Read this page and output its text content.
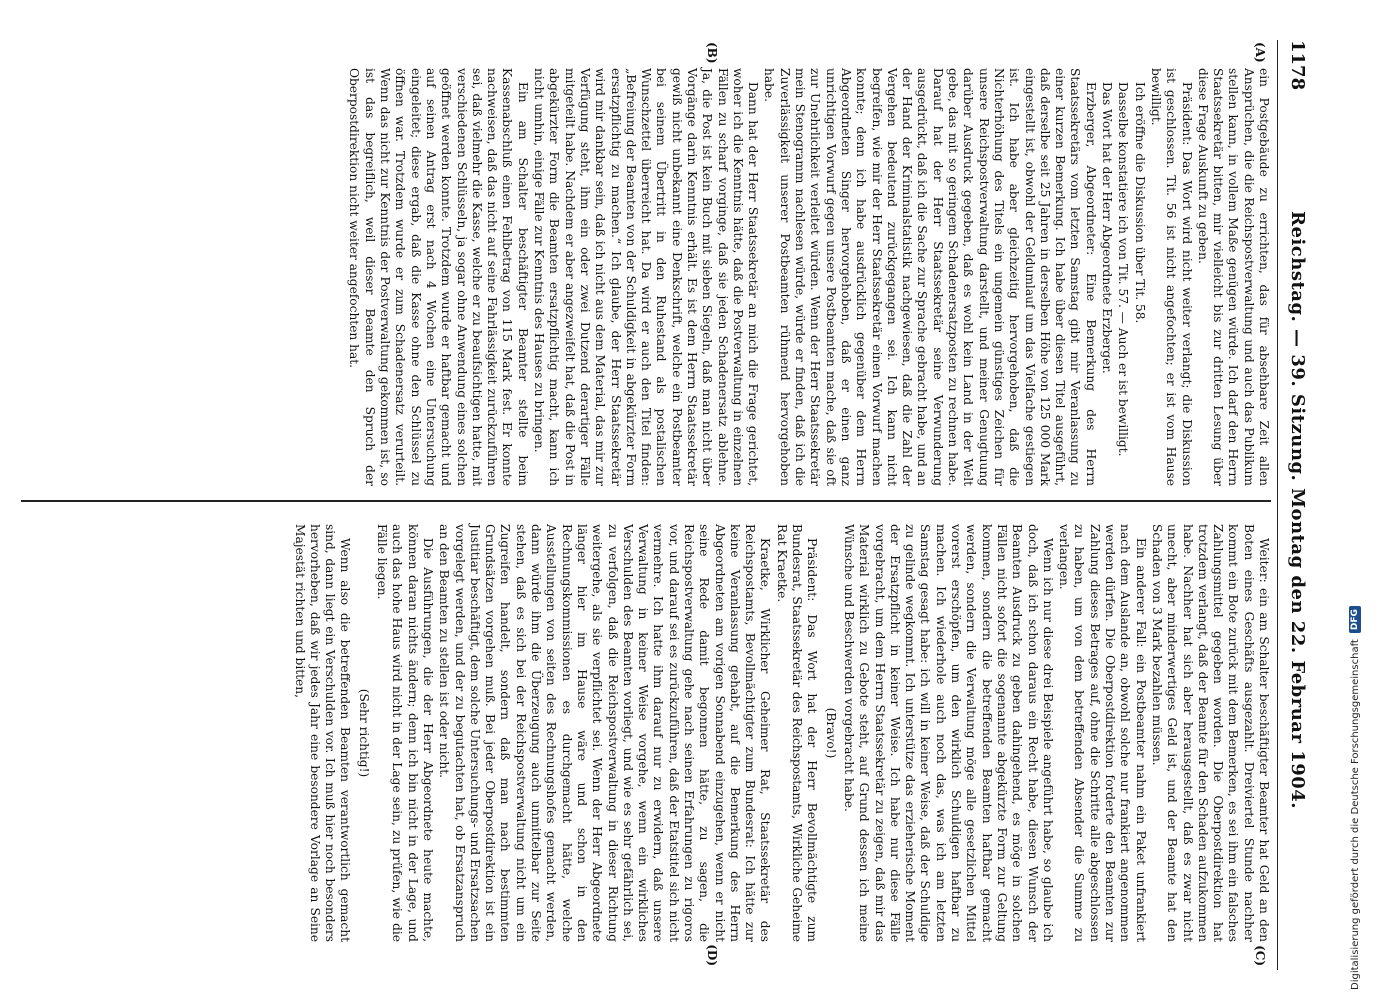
1178
Reichstag. — 39. Sitzung. Montag den 22. Februar 1904.
(A)
(B)

ein Postgebäude zu errichten, das für absehbare Zeit allen Ansprüchen, die die Reichspostverwaltung und auch das Publikum stellen kann, in vollem Maße genügen würde. Ich darf den Herrn Staatssekretär bitten, mir vielleicht bis zur dritten Lesung über diese Frage Auskunft zu geben.

Präsident: Das Wort wird nicht weiter verlangt; die Diskussion ist geschlossen. Tit. 56 ist nicht angefochten; er ist vom Hause bewilligt.

Ich eröffne die Diskussion über Tit. 58.

Dasselbe konstatiere ich von Tit. 57. — Auch er ist bewilligt.

Das Wort hat der Herr Abgeordnete Erzberger.

Erzberger, Abgeordneter: Eine Bemerkung des Herrn Staatssekretärs vom letzten Samstag gibt mir Veranlassung zu einer kurzen Bemerkung. Ich habe über diesen Titel ausgeführt, daß derselbe seit 25 Jahren in derselben Höhe von 125 000 Mark eingestellt ist, obwohl der Geldumlauf um das Vielfache gestiegen ist. Ich habe aber gleichzeitig hervorgehoben, daß die Nichterhöhung des Titels ein ungemein günstiges Zeichen für unsere Reichspostverwaltung darstellt, und meiner Genugtuung darüber Ausdruck gegeben, daß es wohl kein Land in der Welt gebe, das mit so geringem Schadenersatzposten zu rechnen habe. Darauf hat der Herr Staatssekretär seine Verwunderung ausgedrückt, daß ich die Sache zur Sprache gebracht habe, und an der Hand der Kriminalstatistik nachgewiesen, daß die Zahl der Vergehen bedeutend zurückgegangen sei. Ich kann nicht begreifen, wie mir der Herr Staatssekretär einen Vorwurf machen konnte; denn ich habe ausdrücklich gegenüber dem Herrn Abgeordneten Singer hervorgehoben, daß er einen ganz unrichtigen Vorwurf gegen unsere Postbeamten mache, daß sie oft zur Unehrlichkeit verleitet würden. Wenn der Herr Staatssekretär mein Stenogramm nachlesen würde, würde er finden, daß ich die Zuverlässigkeit unserer Postbeamten rühmend hervorgehoben habe.

Dann hat der Herr Staatssekretär an mich die Frage gerichtet, woher ich die Kenntnis hätte, daß die Postverwaltung in einzelnen Fällen zu scharf vorginge, daß sie jeden Schadenersatz ablehne. Ja, die Post ist kein Buch mit sieben Siegeln, daß man nicht über Vorgänge darin Kenntnis erhält. Es ist dem Herrn Staatssekretär gewiß nicht unbekannt eine Denkschrift, welche ein Postbeamter bei seinem Übertritt in den Ruhestand als postalischen Wunschzettel überreicht hat. Da wird er auch den Titel finden: „Befreiung der Beamten von der Schuldigkeit in abgekürzter Form ersatzpflichtig zu machen.“ Ich glaube, der Herr Staatssekretär wird mir dankbar sein, daß ich nicht aus dem Material, das mir zur Verfügung steht, ihm ein oder zwei Dutzend derartiger Fälle mitgeteilt habe. Nachdem er aber angezweifelt hat, daß die Post in abgekürzter Form die Beamten ersatzpflichtig macht, kann ich nicht umhin, einige Fälle zur Kenntnis des Hauses zu bringen.

Ein am Schalter beschäftigter Beamter stellte beim Kassenabschluß einen Fehlbetrag von 115 Mark fest. Er konnte nachweisen, daß das nicht auf seine Fahrlässigkeit zurückzuführen sei, daß vielmehr die Kasse, welche er zu beaufsichtigen hatte, mit verschiedenen Schlüsseln, ja sogar ohne Anwendung eines solchen geöffnet werden konnte. Trotzdem wurde er haftbar gemacht und auf seinen Antrag erst nach 4 Wochen eine Untersuchung eingeleitet; diese ergab, daß die Kasse ohne den Schlüssel zu öffnen war. Trotzdem wurde er zum Schadenersatz verurteilt. Wenn das nicht zur Kenntnis der Postverwaltung gekommen ist, so ist das begreiflich, weil dieser Beamte den Spruch der Oberpostdirektion nicht weiter angefochten hat.

(C)
(D)

Weiter: ein am Schalter beschäftigter Beamter hat Geld an den Boten eines Geschäfts ausgezahlt. Dreiviertel Stunde nachher kommt ein Bote zurück mit dem Bemerken, es sei ihm ein falsches Zahlungsmittel gegeben worden. Die Oberpostdirektion hat trotzdem verlangt, daß der Beamte für den Schaden aufzukommen habe. Nachher hat sich aber herausgestellt, daß es zwar nicht unecht, aber minderwertiges Geld ist, und der Beamte hat den Schaden von 3 Mark bezahlen müssen.

Ein anderer Fall: ein Postbeamter nahm ein Paket unfrankiert nach dem Auslande an, obwohl solche nur frankiert angenommen werden dürfen. Die Oberpostdirektion forderte den Beamten zur Zahlung dieses Betrages auf, ohne die Schritte alle abgeschlossen zu haben, um von dem betreffenden Absender die Summe zu verlangen.

Wenn ich nur diese drei Beispiele angeführt habe, so glaube ich doch, daß ich schon daraus ein Recht habe, diesen Wunsch der Beamten Ausdruck zu geben dahingehend, es möge in solchen Fällen nicht sofort die sogenannte abgekürzte Form zur Geltung kommen, sondern die betreffenden Beamten haftbar gemacht werden, sondern die Verwaltung möge alle gesetzlichen Mittel vorerst erschöpfen, um den wirklich Schuldigen haftbar zu machen. Ich wiederhole auch noch das, was ich am letzten Samstag gesagt habe: ich will in keiner Weise, daß der Schuldige zu gelinde wegkommt. Ich unterstütze das erzieherische Moment der Ersatzpflicht in keiner Weise. Ich habe nur diese Fälle vorgebracht, um dem Herrn Staatssekretär zu zeigen, daß mir das Material wirklich zu Gebote steht, auf Grund dessen ich meine Wünsche und Beschwerden vorgebracht habe.

(Bravo!)

Präsident: Das Wort hat der Herr Bevollmächtigte zum Bundesrat, Staatssekretär des Reichspostamts, Wirkliche Geheime Rat Kraetke.

Kraetke, Wirklicher Geheimer Rat, Staatssekretär des Reichspostamts, Bevollmächtigter zum Bundesrat: Ich hätte zur keine Veranlassung gehabt, auf die Bemerkung des Herrn Abgeordneten am vorigen Sonnabend einzugehen, wenn er nicht seine Rede damit begonnen hätte, zu sagen, die Reichspostverwaltung gehe nach seinen Erfahrungen zu rigoros vor, und darauf sei es zurückzuführen, daß der Etatstitel sich nicht vermehre. Ich hatte ihm darauf nur zu erwidern, daß unsere Verwaltung in keiner Weise vorgehe, wenn ein wirkliches Verschulden des Beamten vorliegt, und wie es sehr gefährlich sei, zu verfolgen, daß die Reichspostverwaltung in dieser Richtung weitergehe, als sie verpflichtet sei. Wenn der Herr Abgeordnete länger hier im Hause wäre und schon in den Rechnungskommissionen es durchgemacht hätte, welche Ausstellungen von seiten des Rechnungshofes gemacht werden, dann würde ihm die Überzeugung auch unmittelbar zur Seite stehen, daß es sich bei der Reichspostverwaltung nicht um ein Zugreifen handelt, sondern daß man nach bestimmten Grundsätzen vorgehen muß. Bei jeder Oberpostdirektion ist ein Justitiar beschäftigt, dem solche Untersuchungs- und Ersatzsachen vorgelegt werden, und der zu begutachten hat, ob Ersatzanspruch an den Beamten zu stellen ist oder nicht.

Die Ausführungen, die der Herr Abgeordnete heute machte, können daran nichts ändern; denn ich bin nicht in der Lage, und auch das hohe Haus wird nicht in der Lage sein, zu prüfen, wie die Fälle liegen.

(Sehr richtig!)

Wenn also die betreffenden Beamten verantwortlich gemacht sind, dann liegt ein Verschulden vor. Ich muß hier noch besonders hervorheben, daß wir jedes Jahr eine besondere Vorlage an Seine Majestät richten und bitten,

Digitalisierung gefördert durch die Deutsche Forschungsgemeinschaft
DFG
